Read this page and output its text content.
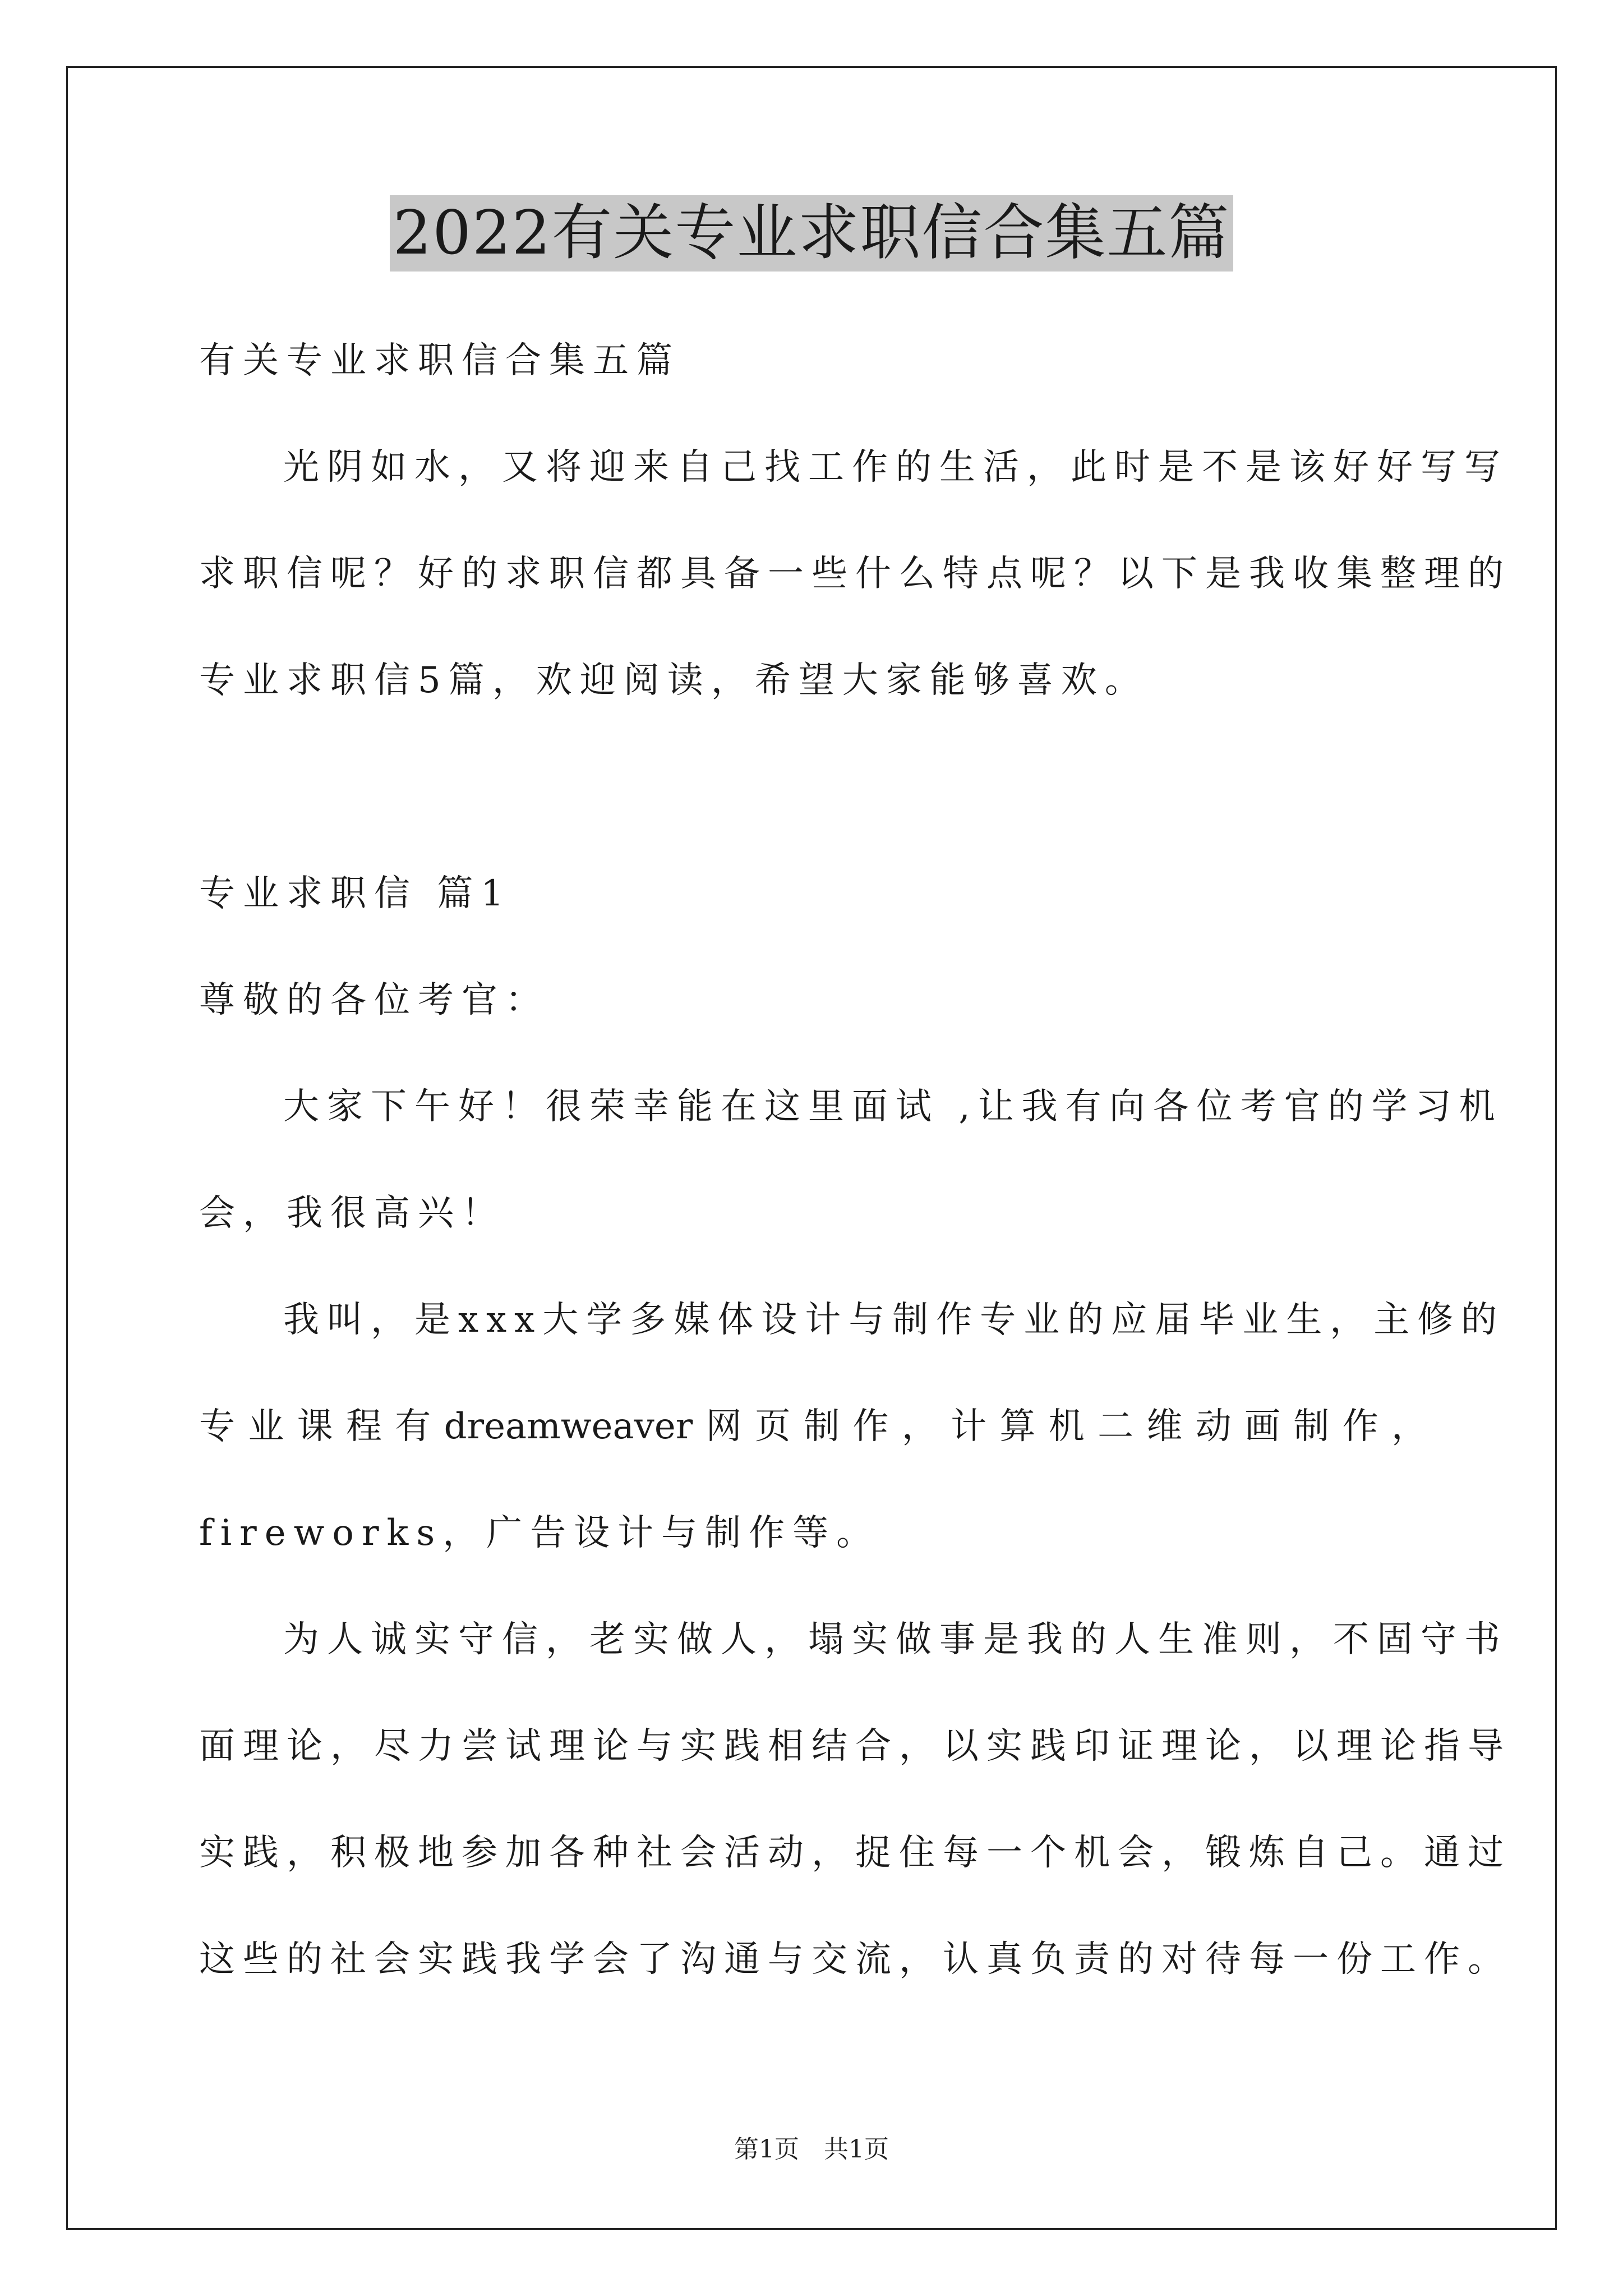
2022有关专业求职信合集五篇
有关专业求职信合集五篇
光阴如水，又将迎来自己找工作的生活，此时是不是该好好写写
求职信呢？好的求职信都具备一些什么特点呢？以下是我收集整理的
专业求职信5篇，欢迎阅读，希望大家能够喜欢。
专业求职信 篇1
尊敬的各位考官：
大家下午好！很荣幸能在这里面试 ,让我有向各位考官的学习机
会，我很高兴！
我叫，是xxx大学多媒体设计与制作专业的应届毕业生，主修的
专 业 课 程 有 dreamweaver 网 页 制 作 ， 计 算 机 二 维 动 画 制 作 ，
fireworks，广告设计与制作等。
为人诚实守信，老实做人，塌实做事是我的人生准则，不固守书
面理论，尽力尝试理论与实践相结合，以实践印证理论，以理论指导
实践，积极地参加各种社会活动，捉住每一个机会，锻炼自己。通过
这些的社会实践我学会了沟通与交流，认真负责的对待每一份工作。
第1页　共1页
